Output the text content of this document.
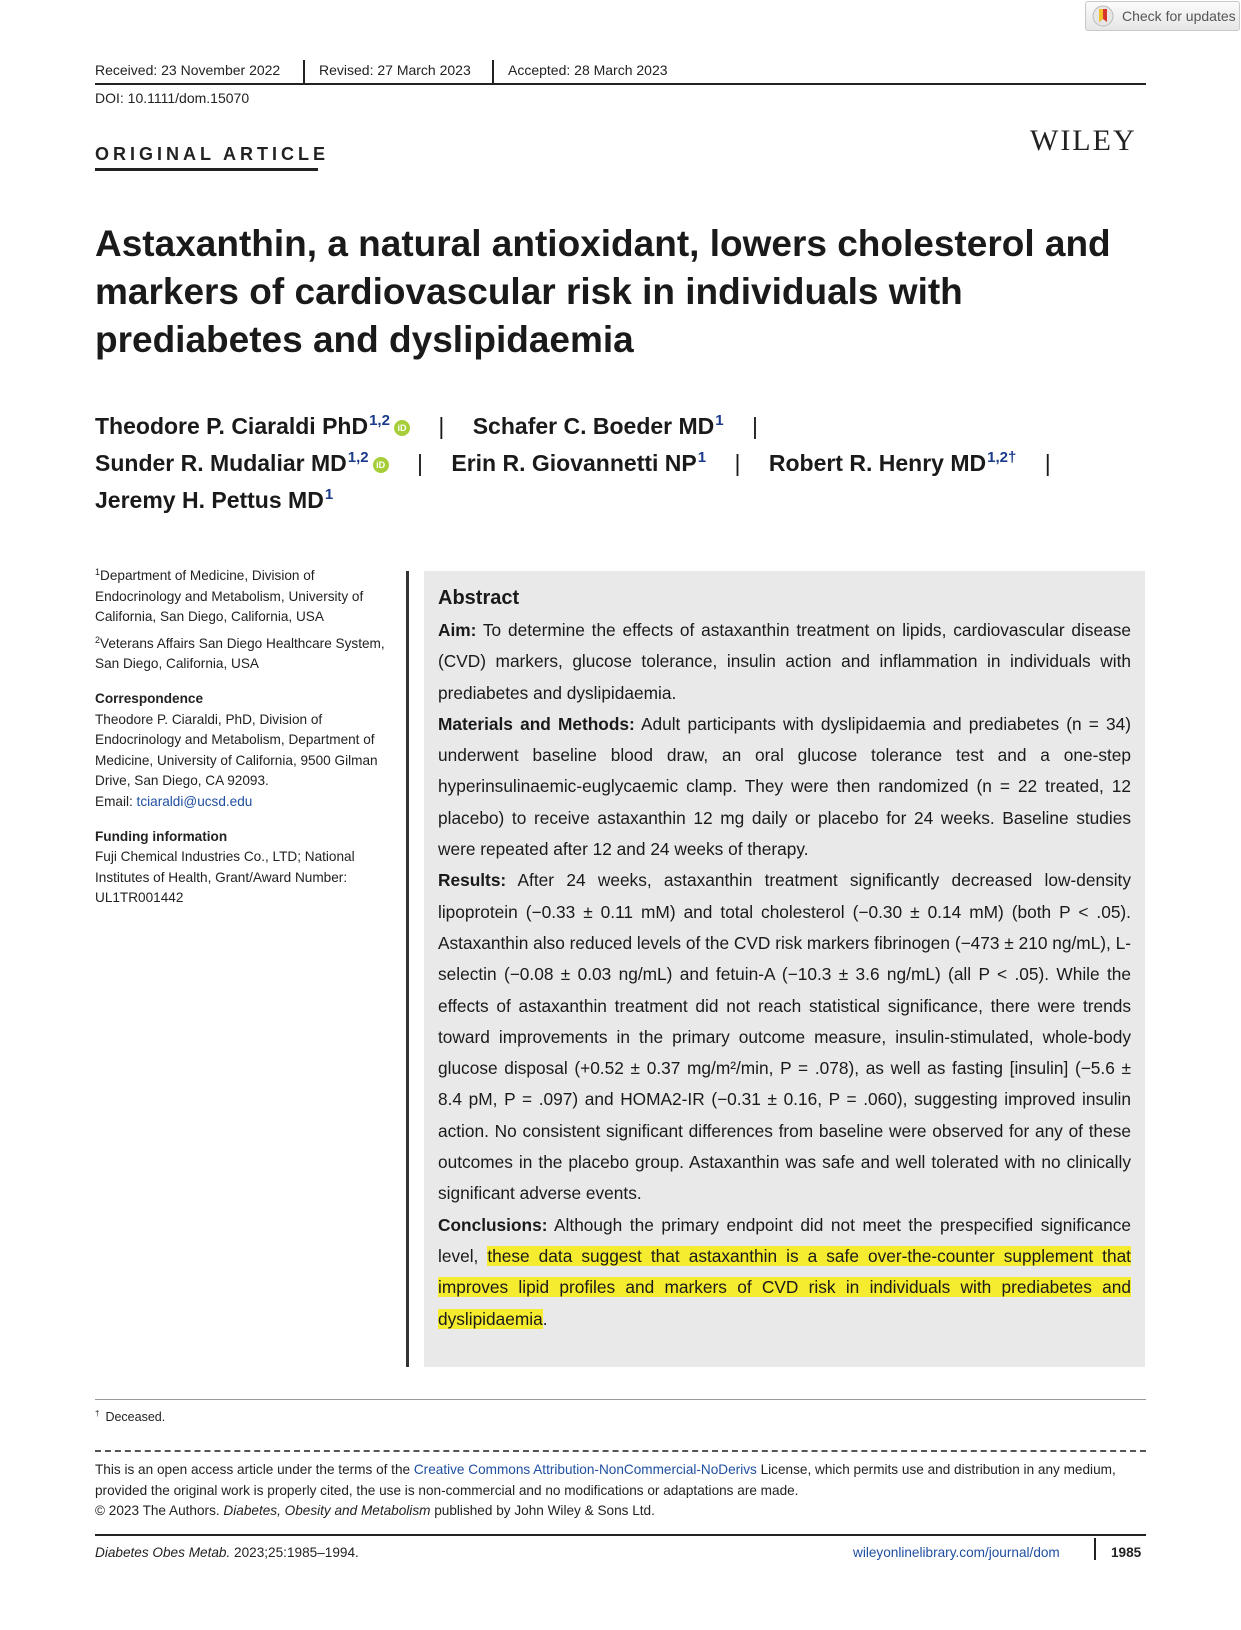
Check for updates
Received: 23 November 2022	Revised: 27 March 2023	Accepted: 28 March 2023
DOI: 10.1111/dom.15070
ORIGINAL ARTICLE	WILEY
Astaxanthin, a natural antioxidant, lowers cholesterol and markers of cardiovascular risk in individuals with prediabetes and dyslipidaemia
Theodore P. Ciaraldi PhD$^{1,2}$ iD | Schafer C. Boeder $MD^1$ |
Sunder R. Mudaliar MD$^{1,2}$ iD | Erin R. Giovannetti $NP^1$ | Robert R. Henry $MD^{1,2\dagger}$ |
Jeremy H. Pettus $MD^1$

$^1$Department of Medicine, Division of Endocrinology and Metabolism, University of California, San Diego, California, USA

$^2$Veterans Affairs San Diego Healthcare System, San Diego, California, USA

Correspondence

Theodore P. Ciaraldi, PhD, Division of Endocrinology and Metabolism, Department of Medicine, University of California, 9500 Gilman Drive, San Diego, CA 92093.

Email: tciaraldi@ucsd.edu

Funding information

Fuji Chemical Industries Co., LTD; National Institutes of Health, Grant/Award Number: UL1TR001442

Abstract

Aim: To determine the effects of astaxanthin treatment on lipids, cardiovascular disease (CVD) markers, glucose tolerance, insulin action and inflammation in individuals with prediabetes and dyslipidaemia.

Materials and Methods: Adult participants with dyslipidaemia and prediabetes (n = 34) underwent baseline blood draw, an oral glucose tolerance test and a one-step hyperinsulinaemic-euglycaemic clamp. They were then randomized (n = 22 treated, 12 placebo) to receive astaxanthin 12 mg daily or placebo for 24 weeks. Baseline studies were repeated after 12 and 24 weeks of therapy.

Results: After 24 weeks, astaxanthin treatment significantly decreased low-density lipoprotein (−0.33 ± 0.11 mM) and total cholesterol (−0.30 ± 0.14 mM) (both P < .05). Astaxanthin also reduced levels of the CVD risk markers fibrinogen (−473 ± 210 ng/mL), L-selectin (−0.08 ± 0.03 ng/mL) and fetuin-A (−10.3 ± 3.6 ng/mL) (all P < .05). While the effects of astaxanthin treatment did not reach statistical significance, there were trends toward improvements in the primary outcome measure, insulin-stimulated, whole-body glucose disposal (+0.52 ± 0.37 mg/m²/min, P = .078), as well as fasting [insulin] (−5.6 ± 8.4 pM, P = .097) and HOMA2-IR (−0.31 ± 0.16, P = .060), suggesting improved insulin action. No consistent significant differences from baseline were observed for any of these outcomes in the placebo group. Astaxanthin was safe and well tolerated with no clinically significant adverse events.

Conclusions: Although the primary endpoint did not meet the prespecified significance level, these data suggest that astaxanthin is a safe over-the-counter supplement that improves lipid profiles and markers of CVD risk in individuals with prediabetes and dyslipidaemia.

† Deceased.

This is an open access article under the terms of the Creative Commons Attribution-NonCommercial-NoDerivs License, which permits use and distribution in any medium, provided the original work is properly cited, the use is non-commercial and no modifications or adaptations are made.

© 2023 The Authors. Diabetes, Obesity and Metabolism published by John Wiley & Sons Ltd.

Diabetes Obes Metab. 2023;25:1985–1994.	wileyonlinelibrary.com/journal/dom	1985
